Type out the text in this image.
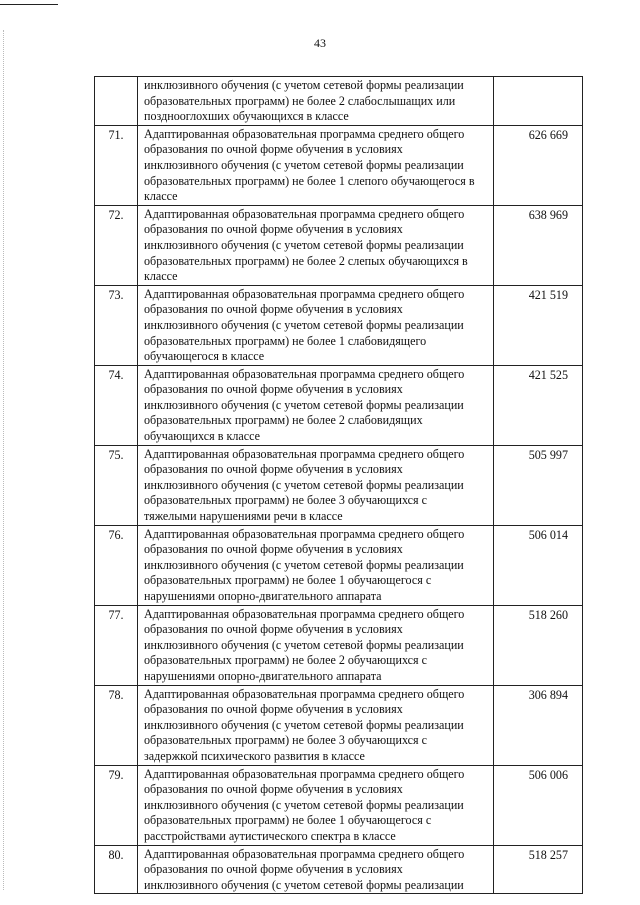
43
	инклюзивного обучения (с учетом сетевой формы реализации
образовательных программ) не более 2 слабослышащих или
позднооглохших обучающихся в классе	
71.	Адаптированная образовательная программа среднего общего
образования по очной форме обучения в условиях
инклюзивного обучения (с учетом сетевой формы реализации
образовательных программ) не более 1 слепого обучающегося в
классе	626 669
72.	Адаптированная образовательная программа среднего общего
образования по очной форме обучения в условиях
инклюзивного обучения (с учетом сетевой формы реализации
образовательных программ) не более 2 слепых обучающихся в
классе	638 969
73.	Адаптированная образовательная программа среднего общего
образования по очной форме обучения в условиях
инклюзивного обучения (с учетом сетевой формы реализации
образовательных программ) не более 1 слабовидящего
обучающегося в классе	421 519
74.	Адаптированная образовательная программа среднего общего
образования по очной форме обучения в условиях
инклюзивного обучения (с учетом сетевой формы реализации
образовательных программ) не более 2 слабовидящих
обучающихся в классе	421 525
75.	Адаптированная образовательная программа среднего общего
образования по очной форме обучения в условиях
инклюзивного обучения (с учетом сетевой формы реализации
образовательных программ) не более 3 обучающихся с
тяжелыми нарушениями речи в классе	505 997
76.	Адаптированная образовательная программа среднего общего
образования по очной форме обучения в условиях
инклюзивного обучения (с учетом сетевой формы реализации
образовательных программ) не более 1 обучающегося с
нарушениями опорно-двигательного аппарата	506 014
77.	Адаптированная образовательная программа среднего общего
образования по очной форме обучения в условиях
инклюзивного обучения (с учетом сетевой формы реализации
образовательных программ) не более 2 обучающихся с
нарушениями опорно-двигательного аппарата	518 260
78.	Адаптированная образовательная программа среднего общего
образования по очной форме обучения в условиях
инклюзивного обучения (с учетом сетевой формы реализации
образовательных программ) не более 3 обучающихся с
задержкой психического развития в классе	306 894
79.	Адаптированная образовательная программа среднего общего
образования по очной форме обучения в условиях
инклюзивного обучения (с учетом сетевой формы реализации
образовательных программ) не более 1 обучающегося с
расстройствами аутистического спектра в классе	506 006
80.	Адаптированная образовательная программа среднего общего
образования по очной форме обучения в условиях
инклюзивного обучения (с учетом сетевой формы реализации	518 257
